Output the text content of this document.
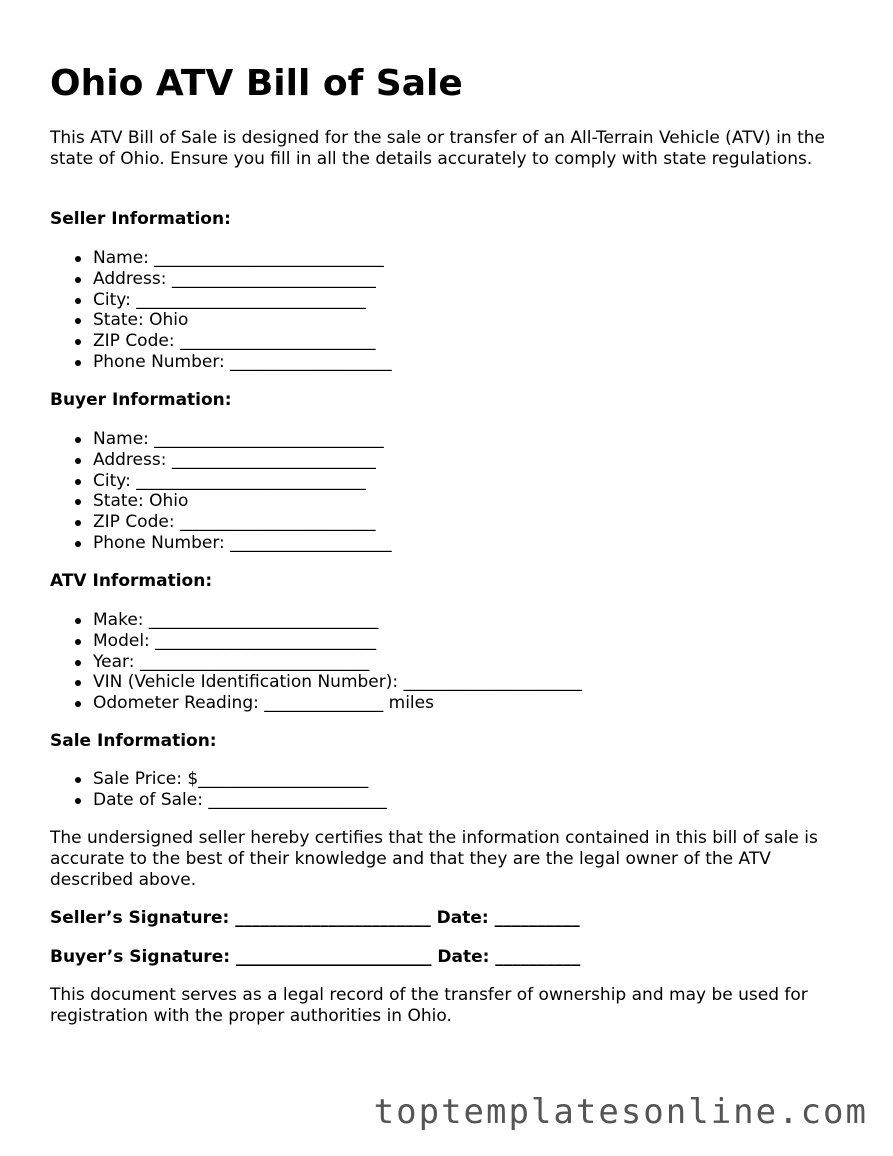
Ohio ATV Bill of Sale
This ATV Bill of Sale is designed for the sale or transfer of an All-Terrain Vehicle (ATV) in the state of Ohio. Ensure you fill in all the details accurately to comply with state regulations.
Seller Information:
Name: ___________________________
Address: ________________________
City: ___________________________
State: Ohio
ZIP Code: _______________________
Phone Number: ___________________
Buyer Information:
Name: ___________________________
Address: ________________________
City: ___________________________
State: Ohio
ZIP Code: _______________________
Phone Number: ___________________
ATV Information:
Make: ___________________________
Model: __________________________
Year: ___________________________
VIN (Vehicle Identification Number): _____________________
Odometer Reading: ______________ miles
Sale Information:
Sale Price: $____________________
Date of Sale: _____________________
The undersigned seller hereby certifies that the information contained in this bill of sale is accurate to the best of their knowledge and that they are the legal owner of the ATV described above.
Seller’s Signature: _______________________ Date: __________
Buyer’s Signature: _______________________ Date: __________
This document serves as a legal record of the transfer of ownership and may be used for registration with the proper authorities in Ohio.
toptemplatesonline.com
